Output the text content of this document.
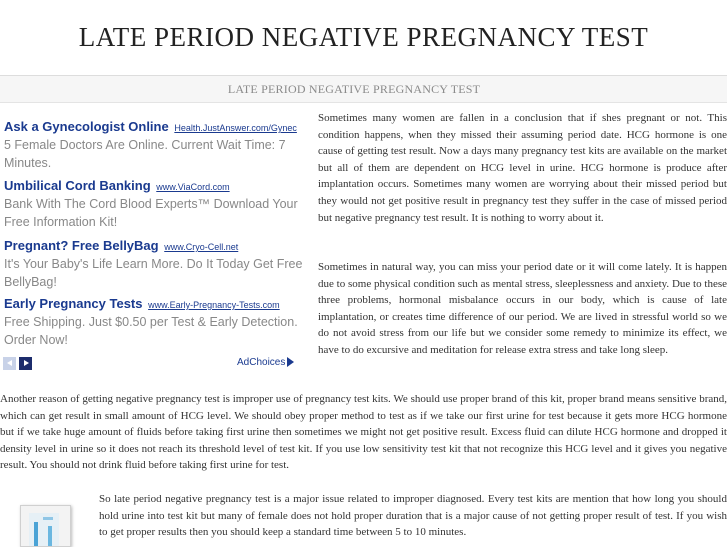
LATE PERIOD NEGATIVE PREGNANCY TEST
LATE PERIOD NEGATIVE PREGNANCY TEST
Ask a Gynecologist Online Health.JustAnswer.com/Gynec
5 Female Doctors Are Online. Current Wait Time: 7 Minutes.
Umbilical Cord Banking www.ViaCord.com
Bank With The Cord Blood Experts™ Download Your Free Information Kit!
Pregnant? Free BellyBag www.Cryo-Cell.net
It's Your Baby's Life Learn More. Do It Today Get Free BellyBag!
Early Pregnancy Tests www.Early-Pregnancy-Tests.com
Free Shipping. Just $0.50 per Test & Early Detection. Order Now!
AdChoices

Sometimes many women are fallen in a conclusion that if shes pregnant or not. This condition happens, when they missed their assuming period date. HCG hormone is one cause of getting test result. Now a days many pregnancy test kits are available on the market but all of them are dependent on HCG level in urine. HCG hormone is produce after implantation occurs. Sometimes many women are worrying about their missed period but they would not get positive result in pregnancy test they suffer in the case of missed period but negative pregnancy test result. It is nothing to worry about it.

Sometimes in natural way, you can miss your period date or it will come lately. It is happen due to some physical condition such as mental stress, sleeplessness and anxiety. Due to these three problems, hormonal misbalance occurs in our body, which is cause of late implantation, or creates time difference of our period. We are lived in stressful world so we do not avoid stress from our life but we consider some remedy to minimize its effect, we have to do excursive and meditation for release extra stress and take long sleep.

Another reason of getting negative pregnancy test is improper use of pregnancy test kits. We should use proper brand of this kit, proper brand means sensitive brand, which can get result in small amount of HCG level. We should obey proper method to test as if we take our first urine for test because it gets more HCG hormone but if we take huge amount of fluids before taking first urine then sometimes we might not get positive result. Excess fluid can dilute HCG hormone and dropped it density level in urine so it does not reach its threshold level of test kit. If you use low sensitivity test kit that not recognize this HCG level and it gives you negative result. You should not drink fluid before taking first urine for test.

So late period negative pregnancy test is a major issue related to improper diagnosed. Every test kits are mention that how long you should hold urine into test kit but many of female does not hold proper duration that is a major cause of not getting proper result of test. If you wish to get proper results then you should keep a standard time between 5 to 10 minutes.
